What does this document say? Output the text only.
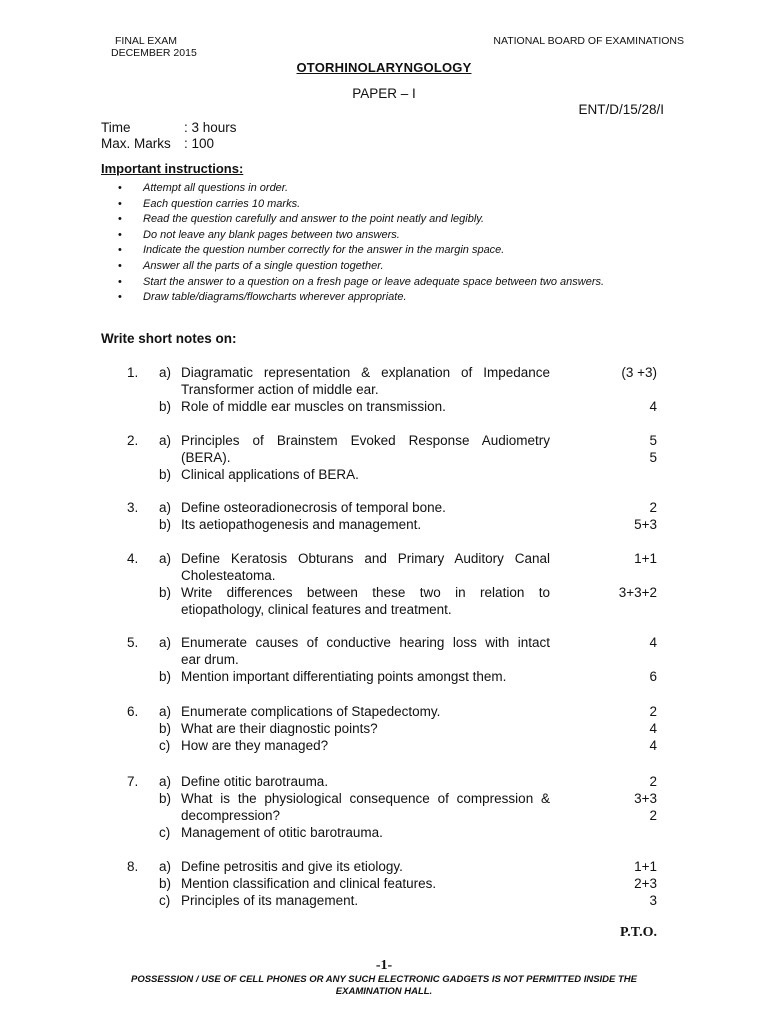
FINAL EXAM
DECEMBER 2015
NATIONAL BOARD OF EXAMINATIONS
OTORHINOLARYNGOLOGY
PAPER – I
ENT/D/15/28/I
Time	: 3 hours
Max. Marks : 100
Important instructions:
• Attempt all questions in order.
• Each question carries 10 marks.
• Read the question carefully and answer to the point neatly and legibly.
• Do not leave any blank pages between two answers.
• Indicate the question number correctly for the answer in the margin space.
• Answer all the parts of a single question together.
• Start the answer to a question on a fresh page or leave adequate space between two answers.
• Draw table/diagrams/flowcharts wherever appropriate.
Write short notes on:
1. a) Diagramatic representation & explanation of Impedance	(3 +3)
Transformer action of middle ear.
b) Role of middle ear muscles on transmission.	4
2. a) Principles of Brainstem Evoked Response Audiometry	5
(BERA).	5
b) Clinical applications of BERA.
3. a) Define osteoradionecrosis of temporal bone.	2
b) Its aetiopathogenesis and management.	5+3
4. a) Define Keratosis Obturans and Primary Auditory Canal	1+1
Cholesteatoma.
b) Write differences between these two in relation to	3+3+2
etiopathology, clinical features and treatment.
5. a) Enumerate causes of conductive hearing loss with intact	4
ear drum.
b) Mention important differentiating points amongst them.	6
6. a) Enumerate complications of Stapedectomy.	2
b) What are their diagnostic points?	4
c) How are they managed?	4
7. a) Define otitic barotrauma.	2
b) What is the physiological consequence of compression &	3+3
decompression?	2
c) Management of otitic barotrauma.
8. a) Define petrositis and give its etiology.	1+1
b) Mention classification and clinical features.	2+3
c) Principles of its management.	3
P.T.O.
-1-
POSSESSION / USE OF CELL PHONES OR ANY SUCH ELECTRONIC GADGETS IS NOT PERMITTED INSIDE THE
EXAMINATION HALL.
